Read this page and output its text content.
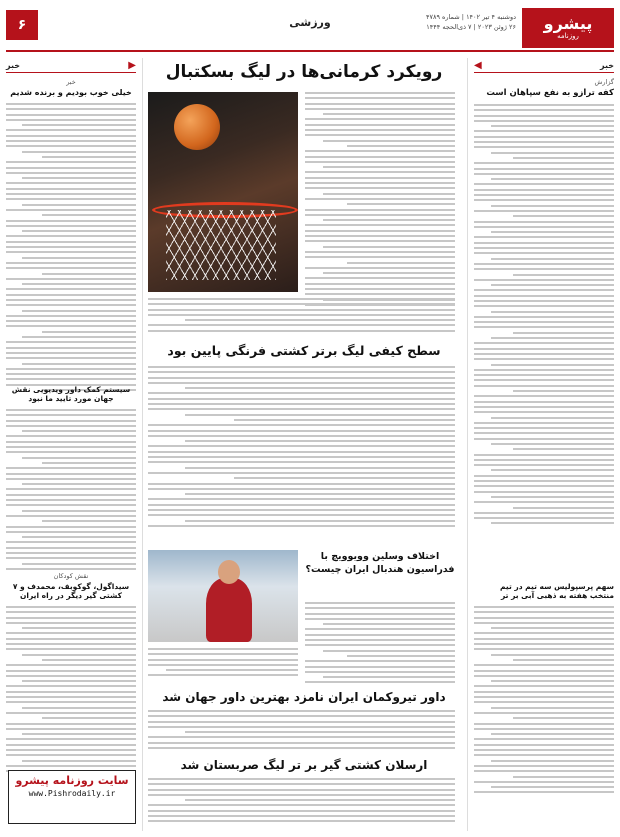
پیشرو
روزنامه
دوشنبه ۴ تیر ۱۴۰۲ | شماره ۴۷۸۹
۲۶ ژوئن ۲۰۲۳ | ۷ ذی‌الحجه ۱۴۴۴
ورزشی
۶
خبر
◀
گزارش
کفه ترازو به نفع سپاهان است
سهم پرسپولیس سه تیم در تیم منتخب هفته به ذهبی آبی بر تر
▶
خبر
خبر
خیلی خوب بودیم و برنده شدیم
سیستم کمک داور ویدیویی نقش جهان مورد تایید ما نبود
نقش کودکان
سیداگول، گوکوبف، محمدف و ۷ کشتی گیر دیگر در راه ایران
سایت روزنامه پیشرو
www.Pishrodaily.ir
رویکرد کرمانی‌ها در لیگ بسکتبال
سطح کیفی لیگ برتر کشتی فرنگی پایین بود
اختلاف وسلین وویوویچ با فدراسیون هندبال ایران چیست؟
داور تیروکمان ایران نامزد بهترین داور جهان شد
ارسلان کشتی گیر بر تر لیگ صربستان شد
